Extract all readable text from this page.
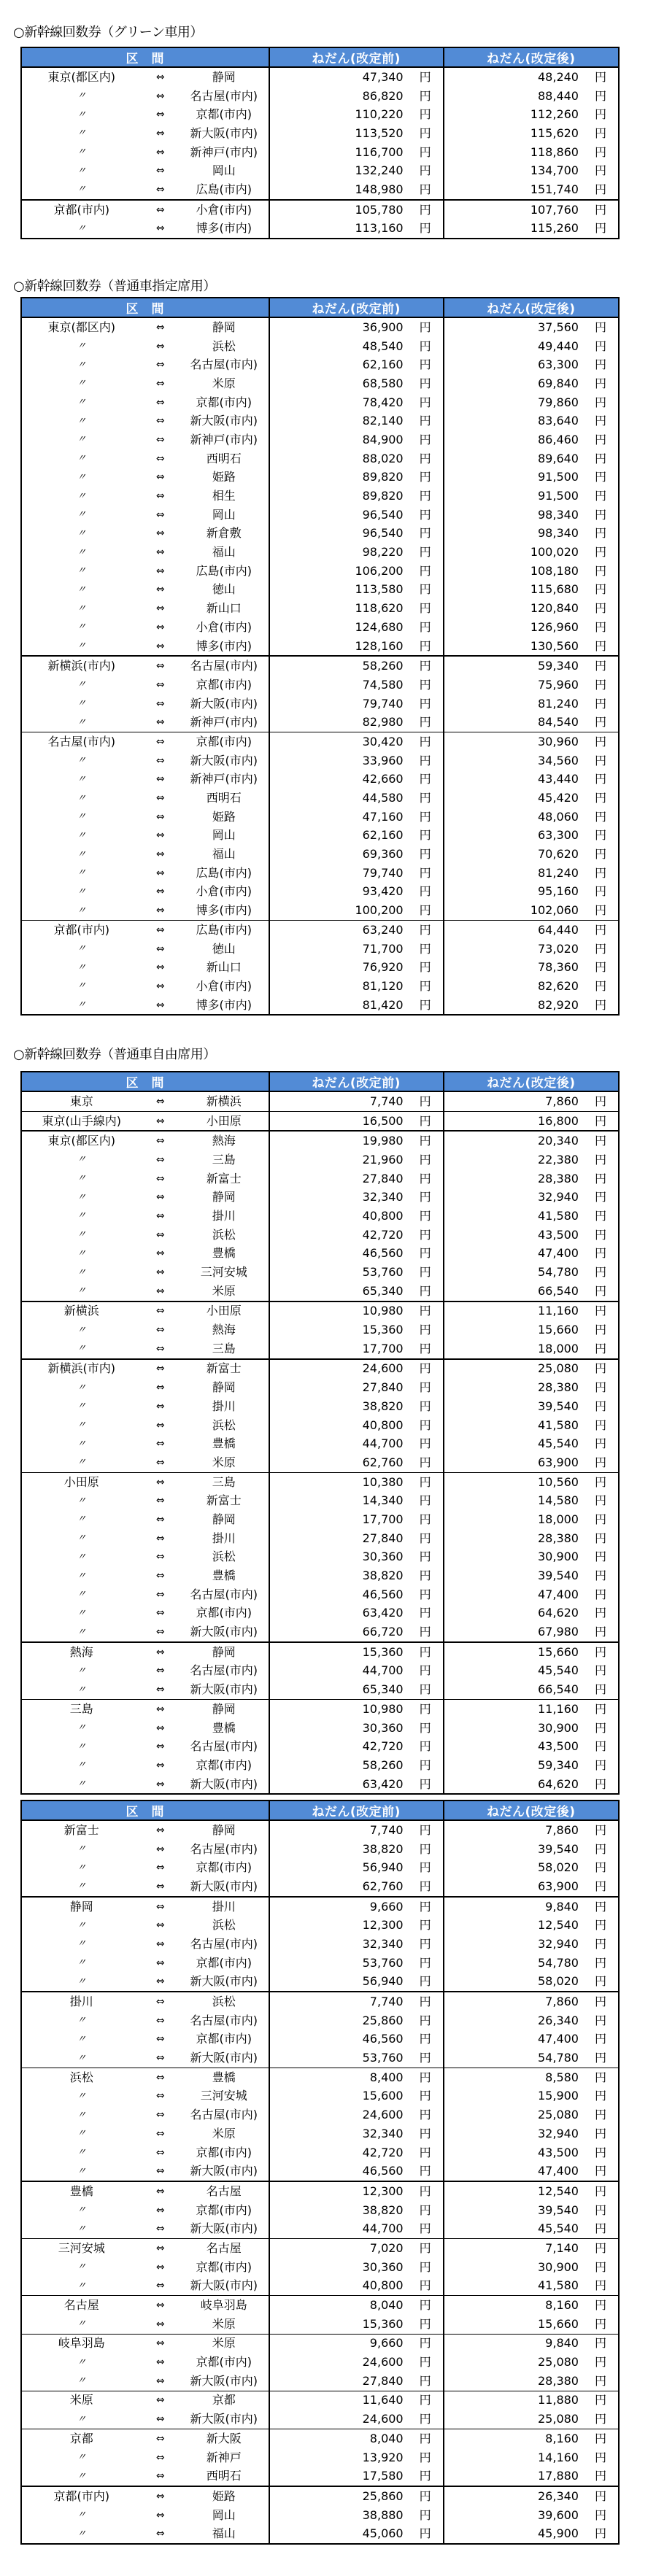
○新幹線回数券（グリーン車用）
区　間			ねだん(改定前)	ねだん(改定後)
東京(都区内)	⇔	静岡	47,340 円	48,240 円

〃	⇔	名古屋(市内)	86,820 円	88,440 円

〃	⇔	京都(市内)	110,220 円	112,260 円

〃	⇔	新大阪(市内)	113,520 円	115,620 円

〃	⇔	新神戸(市内)	116,700 円	118,860 円

〃	⇔	岡山	132,240 円	134,700 円

〃	⇔	広島(市内)	148,980 円	151,740 円

京都(市内)	⇔	小倉(市内)	105,780 円	107,760 円

〃	⇔	博多(市内)	113,160 円	115,260 円
○新幹線回数券（普通車指定席用）
区　間			ねだん(改定前)	ねだん(改定後)
東京(都区内)	⇔	静岡	36,900 円	37,560 円

〃	⇔	浜松	48,540 円	49,440 円

〃	⇔	名古屋(市内)	62,160 円	63,300 円

〃	⇔	米原	68,580 円	69,840 円

〃	⇔	京都(市内)	78,420 円	79,860 円

〃	⇔	新大阪(市内)	82,140 円	83,640 円

〃	⇔	新神戸(市内)	84,900 円	86,460 円

〃	⇔	西明石	88,020 円	89,640 円

〃	⇔	姫路	89,820 円	91,500 円

〃	⇔	相生	89,820 円	91,500 円

〃	⇔	岡山	96,540 円	98,340 円

〃	⇔	新倉敷	96,540 円	98,340 円

〃	⇔	福山	98,220 円	100,020 円

〃	⇔	広島(市内)	106,200 円	108,180 円

〃	⇔	徳山	113,580 円	115,680 円

〃	⇔	新山口	118,620 円	120,840 円

〃	⇔	小倉(市内)	124,680 円	126,960 円

〃	⇔	博多(市内)	128,160 円	130,560 円

新横浜(市内)	⇔	名古屋(市内)	58,260 円	59,340 円

〃	⇔	京都(市内)	74,580 円	75,960 円

〃	⇔	新大阪(市内)	79,740 円	81,240 円

〃	⇔	新神戸(市内)	82,980 円	84,540 円

名古屋(市内)	⇔	京都(市内)	30,420 円	30,960 円

〃	⇔	新大阪(市内)	33,960 円	34,560 円

〃	⇔	新神戸(市内)	42,660 円	43,440 円

〃	⇔	西明石	44,580 円	45,420 円

〃	⇔	姫路	47,160 円	48,060 円

〃	⇔	岡山	62,160 円	63,300 円

〃	⇔	福山	69,360 円	70,620 円

〃	⇔	広島(市内)	79,740 円	81,240 円

〃	⇔	小倉(市内)	93,420 円	95,160 円

〃	⇔	博多(市内)	100,200 円	102,060 円

京都(市内)	⇔	広島(市内)	63,240 円	64,440 円

〃	⇔	徳山	71,700 円	73,020 円

〃	⇔	新山口	76,920 円	78,360 円

〃	⇔	小倉(市内)	81,120 円	82,620 円

〃	⇔	博多(市内)	81,420 円	82,920 円
○新幹線回数券（普通車自由席用）
区　間			ねだん(改定前)	ねだん(改定後)
東京	⇔	新横浜	7,740 円	7,860 円

東京(山手線内)	⇔	小田原	16,500 円	16,800 円

東京(都区内)	⇔	熱海	19,980 円	20,340 円

〃	⇔	三島	21,960 円	22,380 円

〃	⇔	新富士	27,840 円	28,380 円

〃	⇔	静岡	32,340 円	32,940 円

〃	⇔	掛川	40,800 円	41,580 円

〃	⇔	浜松	42,720 円	43,500 円

〃	⇔	豊橋	46,560 円	47,400 円

〃	⇔	三河安城	53,760 円	54,780 円

〃	⇔	米原	65,340 円	66,540 円

新横浜	⇔	小田原	10,980 円	11,160 円

〃	⇔	熱海	15,360 円	15,660 円

〃	⇔	三島	17,700 円	18,000 円

新横浜(市内)	⇔	新富士	24,600 円	25,080 円

〃	⇔	静岡	27,840 円	28,380 円

〃	⇔	掛川	38,820 円	39,540 円

〃	⇔	浜松	40,800 円	41,580 円

〃	⇔	豊橋	44,700 円	45,540 円

〃	⇔	米原	62,760 円	63,900 円

小田原	⇔	三島	10,380 円	10,560 円

〃	⇔	新富士	14,340 円	14,580 円

〃	⇔	静岡	17,700 円	18,000 円

〃	⇔	掛川	27,840 円	28,380 円

〃	⇔	浜松	30,360 円	30,900 円

〃	⇔	豊橋	38,820 円	39,540 円

〃	⇔	名古屋(市内)	46,560 円	47,400 円

〃	⇔	京都(市内)	63,420 円	64,620 円

〃	⇔	新大阪(市内)	66,720 円	67,980 円

熱海	⇔	静岡	15,360 円	15,660 円

〃	⇔	名古屋(市内)	44,700 円	45,540 円

〃	⇔	新大阪(市内)	65,340 円	66,540 円

三島	⇔	静岡	10,980 円	11,160 円

〃	⇔	豊橋	30,360 円	30,900 円

〃	⇔	名古屋(市内)	42,720 円	43,500 円

〃	⇔	京都(市内)	58,260 円	59,340 円

〃	⇔	新大阪(市内)	63,420 円	64,620 円
区　間			ねだん(改定前)	ねだん(改定後)
新富士	⇔	静岡	7,740 円	7,860 円

〃	⇔	名古屋(市内)	38,820 円	39,540 円

〃	⇔	京都(市内)	56,940 円	58,020 円

〃	⇔	新大阪(市内)	62,760 円	63,900 円

静岡	⇔	掛川	9,660 円	9,840 円

〃	⇔	浜松	12,300 円	12,540 円

〃	⇔	名古屋(市内)	32,340 円	32,940 円

〃	⇔	京都(市内)	53,760 円	54,780 円

〃	⇔	新大阪(市内)	56,940 円	58,020 円

掛川	⇔	浜松	7,740 円	7,860 円

〃	⇔	名古屋(市内)	25,860 円	26,340 円

〃	⇔	京都(市内)	46,560 円	47,400 円

〃	⇔	新大阪(市内)	53,760 円	54,780 円

浜松	⇔	豊橋	8,400 円	8,580 円

〃	⇔	三河安城	15,600 円	15,900 円

〃	⇔	名古屋(市内)	24,600 円	25,080 円

〃	⇔	米原	32,340 円	32,940 円

〃	⇔	京都(市内)	42,720 円	43,500 円

〃	⇔	新大阪(市内)	46,560 円	47,400 円

豊橋	⇔	名古屋	12,300 円	12,540 円

〃	⇔	京都(市内)	38,820 円	39,540 円

〃	⇔	新大阪(市内)	44,700 円	45,540 円

三河安城	⇔	名古屋	7,020 円	7,140 円

〃	⇔	京都(市内)	30,360 円	30,900 円

〃	⇔	新大阪(市内)	40,800 円	41,580 円

名古屋	⇔	岐阜羽島	8,040 円	8,160 円

〃	⇔	米原	15,360 円	15,660 円

岐阜羽島	⇔	米原	9,660 円	9,840 円

〃	⇔	京都(市内)	24,600 円	25,080 円

〃	⇔	新大阪(市内)	27,840 円	28,380 円

米原	⇔	京都	11,640 円	11,880 円

〃	⇔	新大阪(市内)	24,600 円	25,080 円

京都	⇔	新大阪	8,040 円	8,160 円

〃	⇔	新神戸	13,920 円	14,160 円

〃	⇔	西明石	17,580 円	17,880 円

京都(市内)	⇔	姫路	25,860 円	26,340 円

〃	⇔	岡山	38,880 円	39,600 円

〃	⇔	福山	45,060 円	45,900 円
